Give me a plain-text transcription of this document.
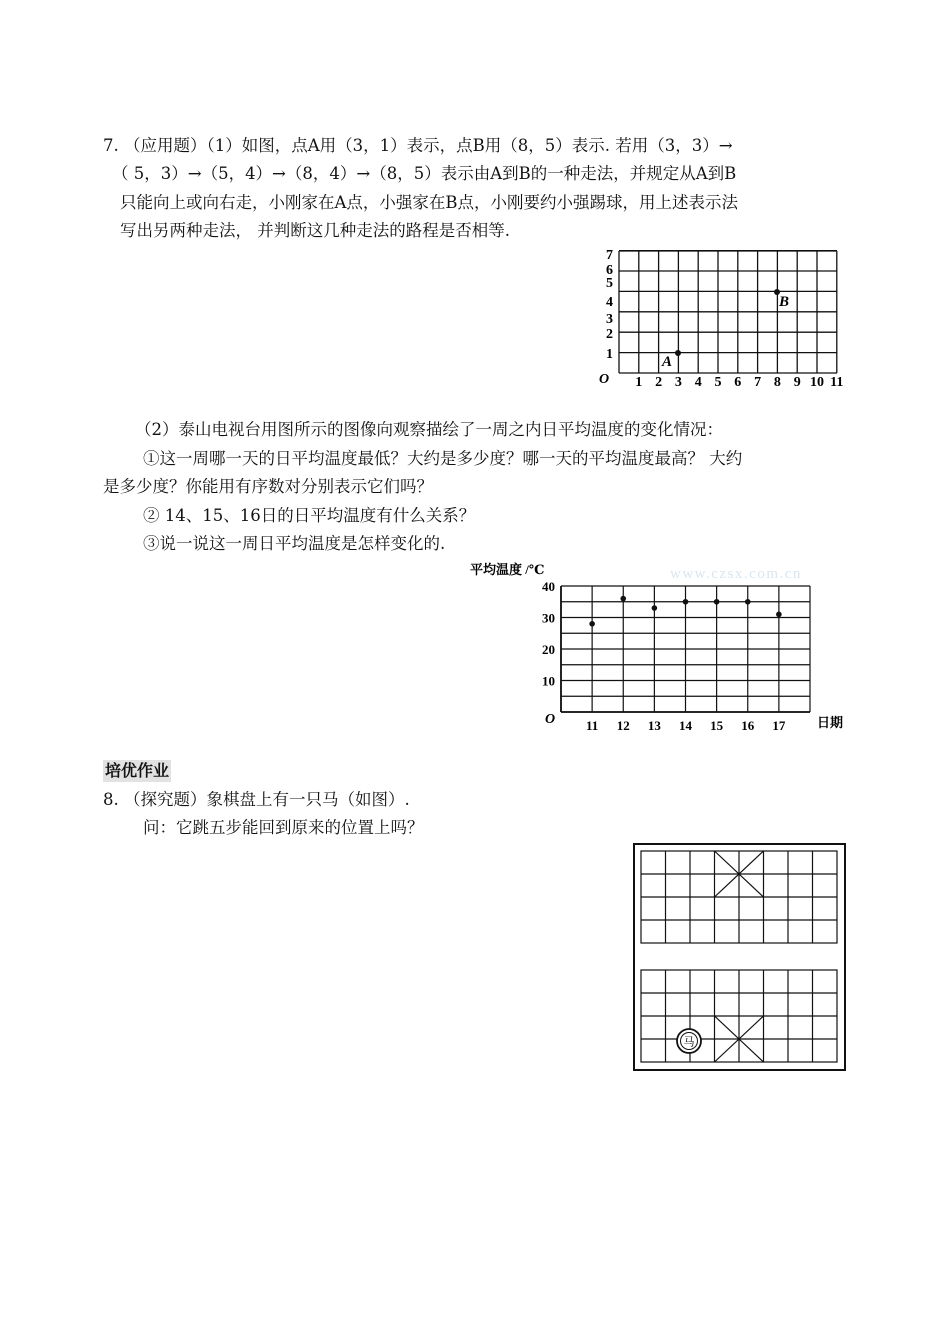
7. （应用题）（1）如图，点A用（3，1）表示，点B用（8，5）表示. 若用（3，3）→
（ 5，3）→（5，4）→（8，4）→（8，5）表示由A到B的一种走法，并规定从A到B
只能向上或向右走，小刚家在A点，小强家在B点，小刚要约小强踢球，用上述表示法
写出另两种走法， 并判断这几种走法的路程是否相等.
1 2 3 4 5 6 7 8 9 10 11
1
2
3
4
5
6
7
A
B
O
（2）泰山电视台用图所示的图像向观察描绘了一周之内日平均温度的变化情况：
①这一周哪一天的日平均温度最低？大约是多少度？哪一天的平均温度最高？ 大约
是多少度？你能用有序数对分别表示它们吗？
② 14、15、16日的日平均温度有什么关系？
③说一说这一周日平均温度是怎样变化的.
www.czsx.com.cn
11 12 13 14 15 16 17
10
20
30
40
平均温度 /℃
日期
O
培优作业
8. （探究题）象棋盘上有一只马（如图）.
问：它跳五步能回到原来的位置上吗？
马
